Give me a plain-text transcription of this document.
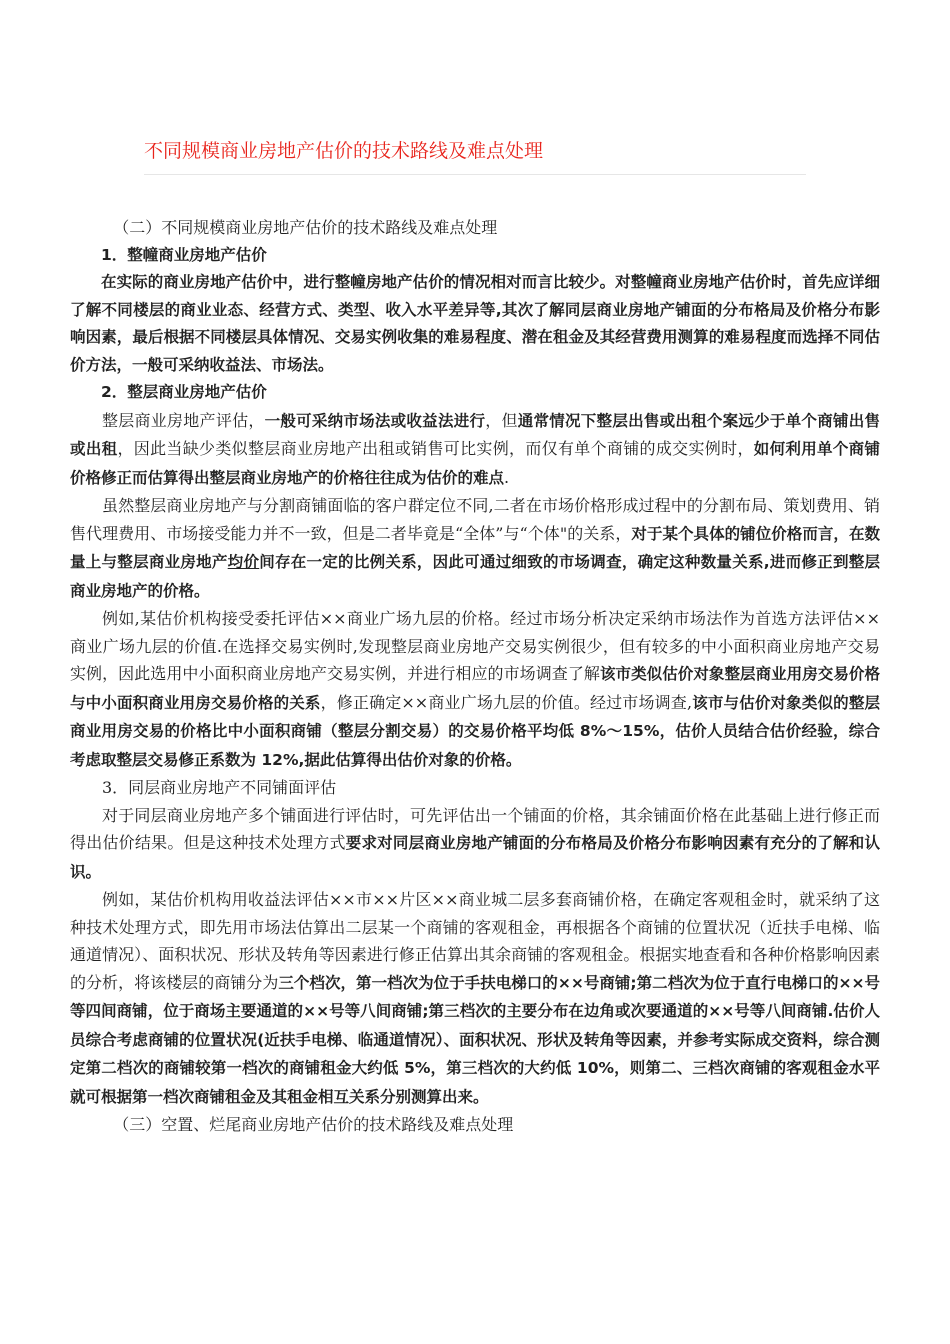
不同规模商业房地产估价的技术路线及难点处理

（二）不同规模商业房地产估价的技术路线及难点处理

1．整幢商业房地产估价

在实际的商业房地产估价中，进行整幢房地产估价的情况相对而言比较少。对整幢商业房地产估价时，首先应详细了解不同楼层的商业业态、经营方式、类型、收入水平差异等,其次了解同层商业房地产铺面的分布格局及价格分布影响因素，最后根据不同楼层具体情况、交易实例收集的难易程度、潜在租金及其经营费用测算的难易程度而选择不同估价方法，一般可采纳收益法、市场法。

2．整层商业房地产估价

整层商业房地产评估，一般可采纳市场法或收益法进行，但通常情况下整层出售或出租个案远少于单个商铺出售或出租，因此当缺少类似整层商业房地产出租或销售可比实例，而仅有单个商铺的成交实例时，如何利用单个商铺价格修正而估算得出整层商业房地产的价格往往成为估价的难点.

虽然整层商业房地产与分割商铺面临的客户群定位不同,二者在市场价格形成过程中的分割布局、策划费用、销售代理费用、市场接受能力并不一致，但是二者毕竟是“全体”与“个体"的关系，对于某个具体的铺位价格而言，在数量上与整层商业房地产均价间存在一定的比例关系，因此可通过细致的市场调查，确定这种数量关系,进而修正到整层商业房地产的价格。

例如,某估价机构接受委托评估××商业广场九层的价格。经过市场分析决定采纳市场法作为首选方法评估××商业广场九层的价值.在选择交易实例时,发现整层商业房地产交易实例很少，但有较多的中小面积商业房地产交易实例，因此选用中小面积商业房地产交易实例，并进行相应的市场调查了解该市类似估价对象整层商业用房交易价格与中小面积商业用房交易价格的关系，修正确定××商业广场九层的价值。经过市场调查,该市与估价对象类似的整层商业用房交易的价格比中小面积商铺（整层分割交易）的交易价格平均低 8%～15%，估价人员结合估价经验，综合考虑取整层交易修正系数为 12%,据此估算得出估价对象的价格。

3．同层商业房地产不同铺面评估

对于同层商业房地产多个铺面进行评估时，可先评估出一个铺面的价格，其余铺面价格在此基础上进行修正而得出估价结果。但是这种技术处理方式要求对同层商业房地产铺面的分布格局及价格分布影响因素有充分的了解和认识。

例如，某估价机构用收益法评估××市××片区××商业城二层多套商铺价格，在确定客观租金时，就采纳了这种技术处理方式，即先用市场法估算出二层某一个商铺的客观租金，再根据各个商铺的位置状况（近扶手电梯、临通道情况）、面积状况、形状及转角等因素进行修正估算出其余商铺的客观租金。根据实地查看和各种价格影响因素的分析，将该楼层的商铺分为三个档次，第一档次为位于手扶电梯口的××号商铺;第二档次为位于直行电梯口的××号等四间商铺，位于商场主要通道的××号等八间商铺;第三档次的主要分布在边角或次要通道的××号等八间商铺.估价人员综合考虑商铺的位置状况(近扶手电梯、临通道情况）、面积状况、形状及转角等因素，并参考实际成交资料，综合测定第二档次的商铺较第一档次的商铺租金大约低 5%，第三档次的大约低 10%，则第二、三档次商铺的客观租金水平就可根据第一档次商铺租金及其租金相互关系分别测算出来。

（三）空置、烂尾商业房地产估价的技术路线及难点处理
